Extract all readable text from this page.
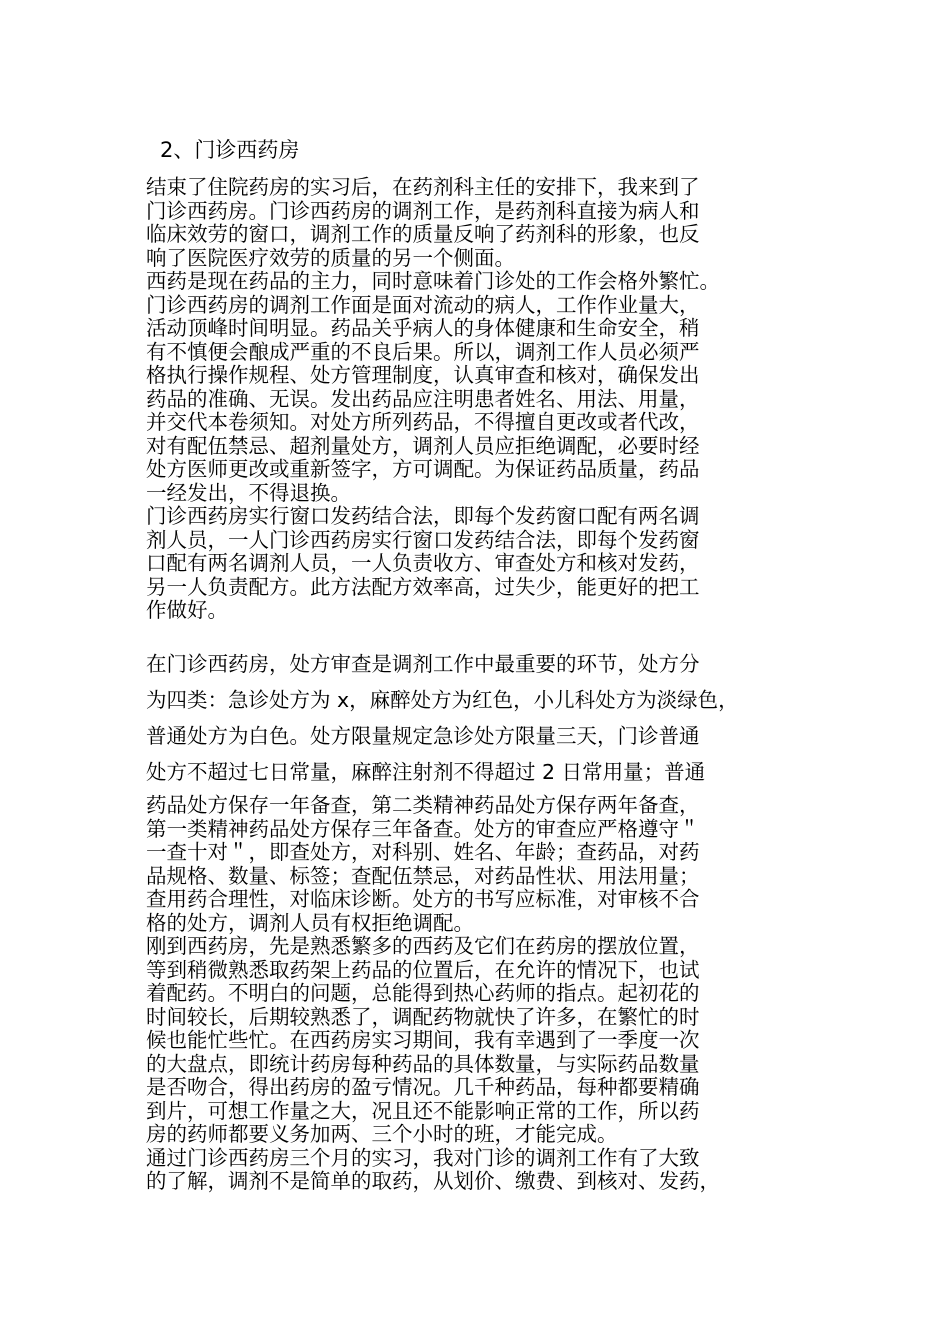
2、门诊西药房
结束了住院药房的实习后，在药剂科主任的安排下，我来到了
门诊西药房。门诊西药房的调剂工作，是药剂科直接为病人和
临床效劳的窗口，调剂工作的质量反响了药剂科的形象，也反
响了医院医疗效劳的质量的另一个侧面。
西药是现在药品的主力，同时意味着门诊处的工作会格外繁忙。
门诊西药房的调剂工作面是面对流动的病人，工作作业量大，
活动顶峰时间明显。药品关乎病人的身体健康和生命安全，稍
有不慎便会酿成严重的不良后果。所以，调剂工作人员必须严
格执行操作规程、处方管理制度，认真审查和核对，确保发出
药品的准确、无误。发出药品应注明患者姓名、用法、用量，
并交代本卷须知。对处方所列药品，不得擅自更改或者代改，
对有配伍禁忌、超剂量处方，调剂人员应拒绝调配，必要时经
处方医师更改或重新签字，方可调配。为保证药品质量，药品
一经发出，不得退换。
门诊西药房实行窗口发药结合法，即每个发药窗口配有两名调
剂人员，一人门诊西药房实行窗口发药结合法，即每个发药窗
口配有两名调剂人员，一人负责收方、审查处方和核对发药，
另一人负责配方。此方法配方效率高，过失少，能更好的把工
作做好。
在门诊西药房，处方审查是调剂工作中最重要的环节，处方分
为四类：急诊处方为 x，麻醉处方为红色，小儿科处方为淡绿色，
普通处方为白色。处方限量规定急诊处方限量三天，门诊普通
处方不超过七日常量，麻醉注射剂不得超过 2 日常用量；普通
药品处方保存一年备查，第二类精神药品处方保存两年备查，
第一类精神药品处方保存三年备查。处方的审查应严格遵守＂
一查十对＂，即查处方，对科别、姓名、年龄；查药品，对药
品规格、数量、标签；查配伍禁忌，对药品性状、用法用量；
查用药合理性，对临床诊断。处方的书写应标准，对审核不合
格的处方，调剂人员有权拒绝调配。
刚到西药房，先是熟悉繁多的西药及它们在药房的摆放位置，
等到稍微熟悉取药架上药品的位置后，在允许的情况下，也试
着配药。不明白的问题，总能得到热心药师的指点。起初花的
时间较长，后期较熟悉了，调配药物就快了许多，在繁忙的时
候也能忙些忙。在西药房实习期间，我有幸遇到了一季度一次
的大盘点，即统计药房每种药品的具体数量，与实际药品数量
是否吻合，得出药房的盈亏情况。几千种药品，每种都要精确
到片，可想工作量之大，况且还不能影响正常的工作，所以药
房的药师都要义务加两、三个小时的班，才能完成。
通过门诊西药房三个月的实习，我对门诊的调剂工作有了大致
的了解，调剂不是简单的取药，从划价、缴费、到核对、发药，
